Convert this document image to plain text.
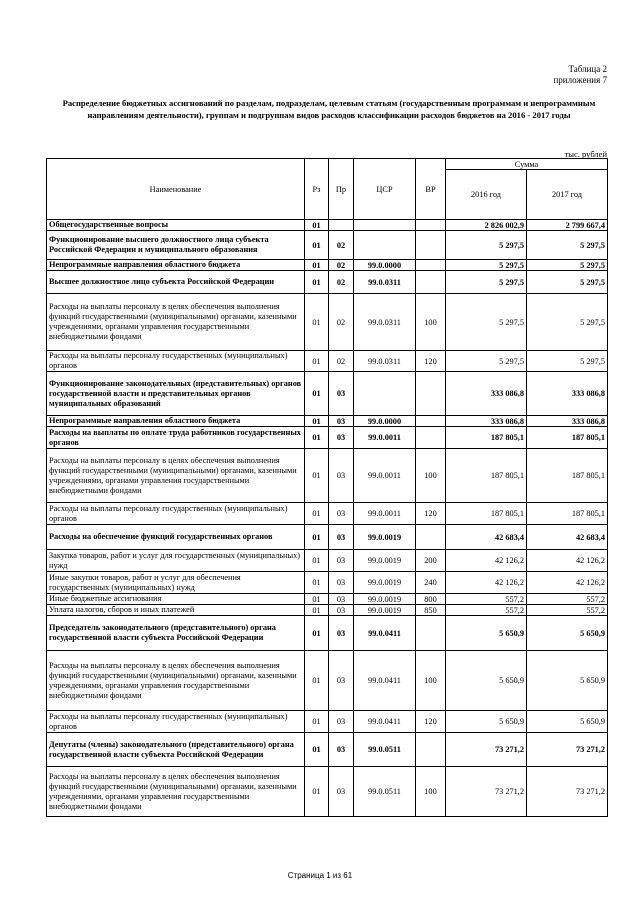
Таблица 2
приложения 7
Распределение бюджетных ассигнований по разделам, подразделам, целевым статьям (государственным программам и непрограммным направлениям деятельности), группам и подгруппам видов расходов классификации расходов бюджетов на 2016 - 2017 годы
тыс. рублей
Наименование	Рз	Пр	ЦСР	ВР	Сумма	
					2016 год	2017 год
Общегосударственные вопросы	01				2 826 002,9	2 799 667,4
Функционирование высшего должностного лица субъекта Российской Федерации и муниципального образования	01	02			5 297,5	5 297,5
Непрограммные направления областного бюджета	01	02	99.0.0000		5 297,5	5 297,5
Высшее должностное лицо субъекта Российской Федерации	01	02	99.0.0311		5 297,5	5 297,5
Расходы на выплаты персоналу в целях обеспечения выполнения функций государственными (муниципальными) органами, казенными учреждениями, органами управления государственными внебюджетными фондами	01	02	99.0.0311	100	5 297,5	5 297,5
Расходы на выплаты персоналу государственных (муниципальных) органов	01	02	99.0.0311	120	5 297,5	5 297,5
Функционирование законодательных (представительных) органов государственной власти и представительных органов муниципальных образований	01	03			333 086,8	333 086,8
Непрограммные направления областного бюджета	01	03	99.0.0000		333 086,8	333 086,8
Расходы на выплаты по оплате труда работников государственных органов	01	03	99.0.0011		187 805,1	187 805,1
Расходы на выплаты персоналу в целях обеспечения выполнения функций государственными (муниципальными) органами, казенными учреждениями, органами управления государственными внебюджетными фондами	01	03	99.0.0011	100	187 805,1	187 805,1
Расходы на выплаты персоналу государственных (муниципальных) органов	01	03	99.0.0011	120	187 805,1	187 805,1
Расходы на обеспечение функций государственных органов	01	03	99.0.0019		42 683,4	42 683,4
Закупка товаров, работ и услуг для государственных (муниципальных) нужд	01	03	99.0.0019	200	42 126,2	42 126,2
Иные закупки товаров, работ и услуг для обеспечения государственных (муниципальных) нужд	01	03	99.0.0019	240	42 126,2	42 126,2
Иные бюджетные ассигнования	01	03	99.0.0019	800	557,2	557,2
Уплата налогов, сборов и иных платежей	01	03	99.0.0019	850	557,2	557,2
Председатель законодательного (представительного) органа государственной власти субъекта Российской Федерации	01	03	99.0.0411		5 650,9	5 650,9
Расходы на выплаты персоналу в целях обеспечения выполнения функций государственными (муниципальными) органами, казенными учреждениями, органами управления государственными внебюджетными фондами	01	03	99.0.0411	100	5 650,9	5 650,9
Расходы на выплаты персоналу государственных (муниципальных) органов	01	03	99.0.0411	120	5 650,9	5 650,9
Депутаты (члены) законодательного (представительного) органа государственной власти субъекта Российской Федерации	01	03	99.0.0511		73 271,2	73 271,2
Расходы на выплаты персоналу в целях обеспечения выполнения функций государственными (муниципальными) органами, казенными учреждениями, органами управления государственными внебюджетными фондами	01	03	99.0.0511	100	73 271,2	73 271,2
Страница 1 из 61
